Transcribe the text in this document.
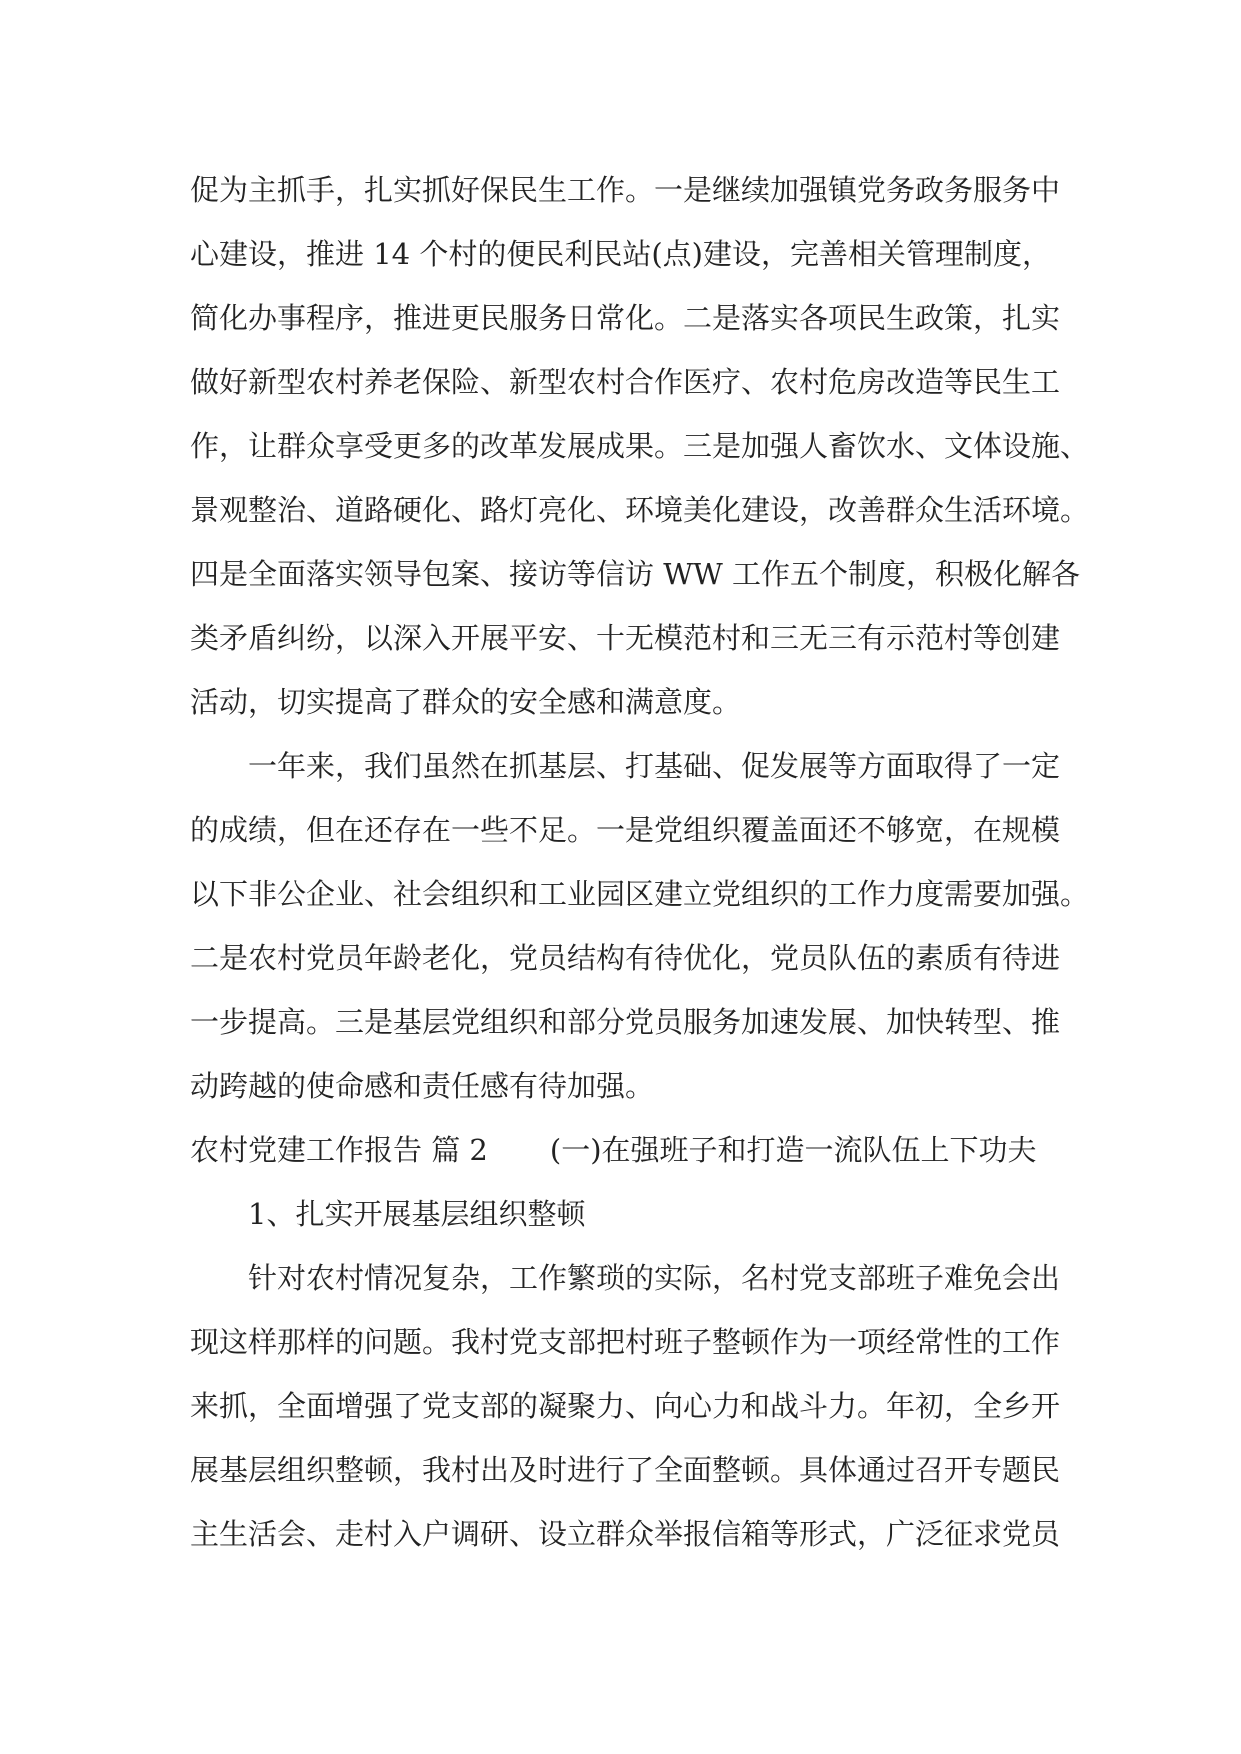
促为主抓手，扎实抓好保民生工作。一是继续加强镇党务政务服务中
心建设，推进 14 个村的便民利民站(点)建设，完善相关管理制度，
简化办事程序，推进更民服务日常化。二是落实各项民生政策，扎实
做好新型农村养老保险、新型农村合作医疗、农村危房改造等民生工
作，让群众享受更多的改革发展成果。三是加强人畜饮水、文体设施、
景观整治、道路硬化、路灯亮化、环境美化建设，改善群众生活环境。
四是全面落实领导包案、接访等信访 WW 工作五个制度，积极化解各
类矛盾纠纷，以深入开展平安、十无模范村和三无三有示范村等创建
活动，切实提高了群众的安全感和满意度。
一年来，我们虽然在抓基层、打基础、促发展等方面取得了一定
的成绩，但在还存在一些不足。一是党组织覆盖面还不够宽，在规模
以下非公企业、社会组织和工业园区建立党组织的工作力度需要加强。
二是农村党员年龄老化，党员结构有待优化，党员队伍的素质有待进
一步提高。三是基层党组织和部分党员服务加速发展、加快转型、推
动跨越的使命感和责任感有待加强。
农村党建工作报告 篇 2 (一)在强班子和打造一流队伍上下功夫
1、扎实开展基层组织整顿
针对农村情况复杂，工作繁琐的实际，名村党支部班子难免会出
现这样那样的问题。我村党支部把村班子整顿作为一项经常性的工作
来抓，全面增强了党支部的凝聚力、向心力和战斗力。年初，全乡开
展基层组织整顿，我村出及时进行了全面整顿。具体通过召开专题民
主生活会、走村入户调研、设立群众举报信箱等形式，广泛征求党员
